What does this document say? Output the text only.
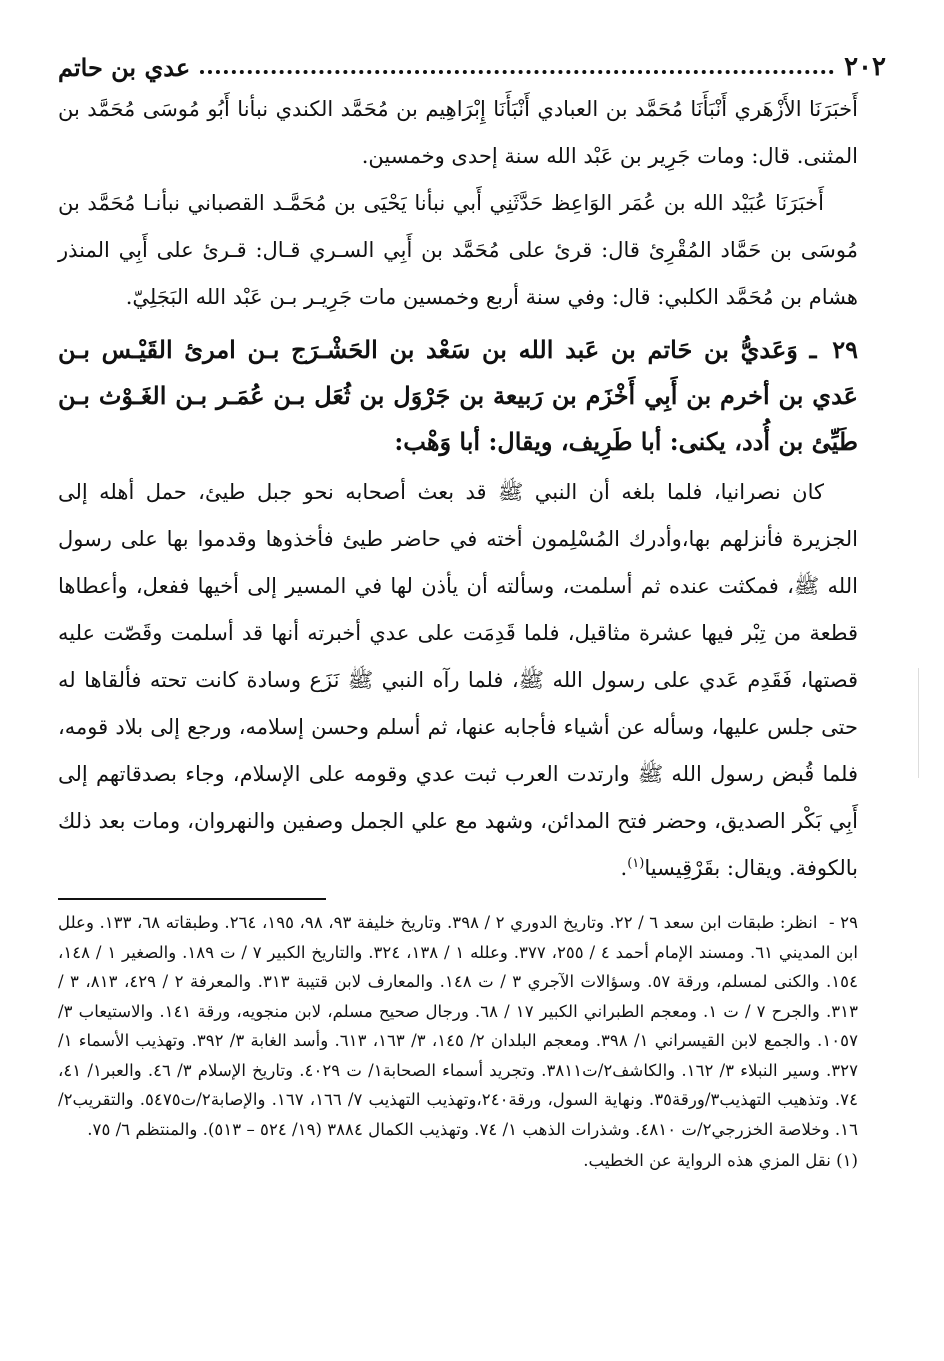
٢٠٢
عدي بن حاتم

أَخبَرَنَا الأَزْهَري أَنْبَأَنَا مُحَمَّد بن العبادي أَنْبَأَنَا إِبْرَاهِيم بن مُحَمَّد الكندي نبأنا أَبُو مُوسَى مُحَمَّد بن المثنى. قال: ومات جَرِير بن عَبْد الله سنة إحدى وخمسين.

أَخبَرَنَا عُبَيْد الله بن عُمَر الوَاعِظ حَدَّثَنِي أَبي نبأنا يَحْيَى بن مُحَمَّـد القصباني نبأنـا مُحَمَّد بن مُوسَى بن حَمَّاد المُقْرِئ قال: قرئ على مُحَمَّد بن أَبِي السـري قـال: قـرئ على أَبِي المنذر هشام بن مُحَمَّد الكلبي: قال: وفي سنة أربع وخمسين مات جَرِيـر بـن عَبْد الله البَجَلِيّ.

٢٩ ـ وَعَديُّ بن حَاتم بن عَبد الله بن سَعْد بن الحَشْـرَج بـن امرئ القَيْـس بـن عَدي بن أخرم بن أَبِي أَخْزَم بن رَبيعة بن جَرْوَل بن ثُعَل بـن عُمَـر بـن الغَـوْث بـن طَيِّئ بن أُدد، يكنى: أبا طَرِيف، ويقال: أبا وَهْب:

كان نصرانيا، فلما بلغه أن النبي ﷺ قد بعث أصحابه نحو جبل طيئ، حمل أهله إلى الجزيرة فأنزلهم بها،وأدرك المُسْلِمون أخته في حاضر طيئ فأخذوها وقدموا بها على رسول الله ﷺ، فمكثت عنده ثم أسلمت، وسألته أن يأذن لها في المسير إلى أخيها ففعل، وأعطاها قطعة من تِبْر فيها عشرة مثاقيل، فلما قَدِمَت على عدي أخبرته أنها قد أسلمت وقَصّت عليه قصتها، فَقَدِم عَدي على رسول الله ﷺ، فلما رآه النبي ﷺ نَزَع وسادة كانت تحته فألقاها له حتى جلس عليها، وسأله عن أشياء فأجابه عنها، ثم أسلم وحسن إسلامه، ورجع إلى بلاد قومه، فلما قُبض رسول الله ﷺ وارتدت العرب ثبت عدي وقومه على الإسلام، وجاء بصدقاتهم إلى أَبِي بَكْر الصديق، وحضر فتح المدائن، وشهد مع علي الجمل وصفين والنهروان، ومات بعد ذلك بالكوفة. ويقال: بقَرْقِيسيا$^{(١)}$.

٢٩ - انظر: طبقات ابن سعد ٦ / ٢٢. وتاريخ الدوري ٢ / ٣٩٨. وتاريخ خليفة ٩٣، ٩٨، ١٩٥، ٢٦٤. وطبقاته ٦٨، ١٣٣. وعلل ابن المديني ٦١. ومسند الإمام أحمد ٤ / ٢٥٥، ٣٧٧. وعلله ١ / ١٣٨، ٣٢٤. والتاريخ الكبير ٧ / ت ١٨٩. والصغير ١ / ١٤٨، ١٥٤. والكنى لمسلم، ورقة ٥٧. وسؤالات الآجري ٣ / ت ١٤٨. والمعارف لابن قتيبة ٣١٣. والمعرفة ٢ / ٤٢٩، ٨١٣، ٣ / ٣١٣. والجرح ٧ / ت ١. ومعجم الطبراني الكبير ١٧ / ٦٨. ورجال صحيح مسلم، لابن منجويه، ورقة ١٤١. والاستيعاب ٣/ ١٠٥٧. والجمع لابن القيسراني ١/ ٣٩٨. ومعجم البلدان ٢/ ١٤٥، ٣/ ١٦٣، ٦١٣. وأسد الغابة ٣/ ٣٩٢. وتهذيب الأسماء ١/ ٣٢٧. وسير النبلاء ٣/ ١٦٢. والكاشف٢/ت٣٨١١. وتجريد أسماء الصحابة١/ ت ٤٠٢٩. وتاريخ الإسلام ٣/ ٤٦. والعبر١/ ٤١، ٧٤. وتذهيب التهذيب٣/ورقة٣٥. ونهاية السول، ورقة٢٤٠،وتهذيب التهذيب ٧/ ١٦٦، ١٦٧. والإصابة٢/ت٥٤٧٥. والتقريب٢/ ١٦. وخلاصة الخزرجي٢/ت ٤٨١٠. وشذرات الذهب ١/ ٧٤. وتهذيب الكمال ٣٨٨٤ (١٩/ ٥٢٤ – ٥١٣). والمنتظم ٦/ ٧٥.

(١) نقل المزي هذه الرواية عن الخطيب.
